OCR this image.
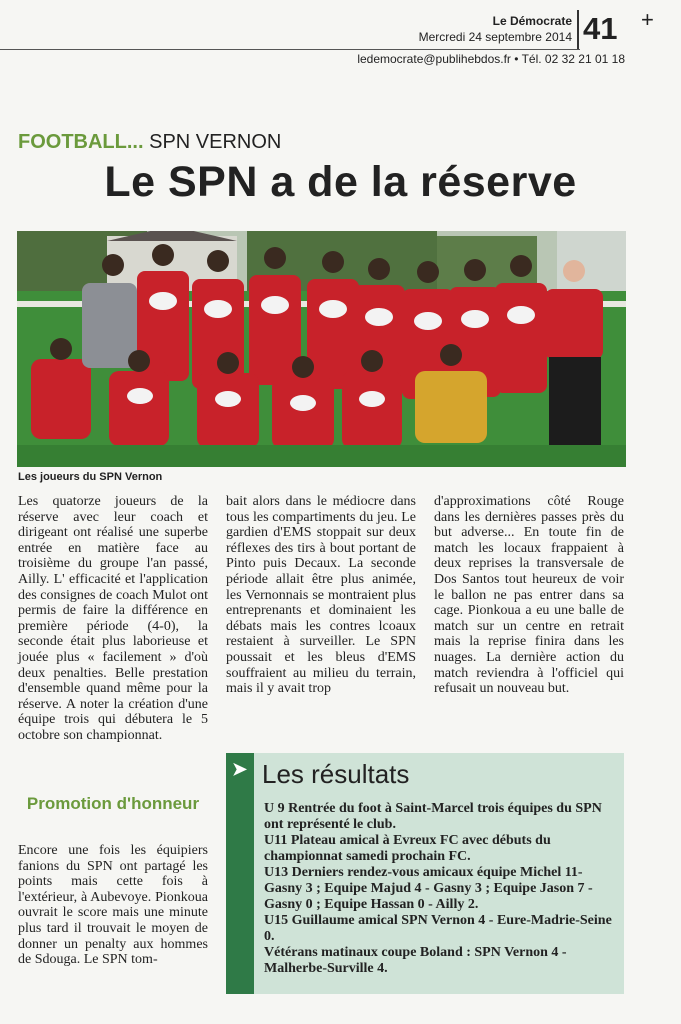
Le Démocrate
Mercredi 24 septembre 2014 41 +
ledemocrate@publihebdos.fr • Tél. 02 32 21 01 18
FOOTBALL... SPN VERNON
Le SPN a de la réserve
Les joueurs du SPN Vernon

Les quatorze joueurs de la réserve avec leur coach et dirigeant ont réalisé une superbe entrée en matière face au troisième du groupe l'an passé, Ailly. L' efficacité et l'application des consignes de coach Mulot ont permis de faire la différence en première période (4-0), la seconde était plus laborieuse et jouée plus « facilement » d'où deux penalties. Belle prestation d'ensemble quand même pour la réserve. A noter la création d'une équipe trois qui débutera le 5 octobre son championnat.

Promotion d'honneur

Encore une fois les équipiers fanions du SPN ont partagé les points mais cette fois à l'extérieur, à Aubevoye. Pionkoua ouvrait le score mais une minute plus tard il trouvait le moyen de donner un penalty aux hommes de Sdouga. Le SPN tom-

bait alors dans le médiocre dans tous les compartiments du jeu. Le gardien d'EMS stoppait sur deux réflexes des tirs à bout portant de Pinto puis Decaux. La seconde période allait être plus animée, les Vernonnais se montraient plus entreprenants et dominaient les débats mais les contres lcoaux restaient à surveiller. Le SPN poussait et les bleus d'EMS souffraient au milieu du terrain, mais il y avait trop

d'approximations côté Rouge dans les dernières passes près du but adverse... En toute fin de match les locaux frappaient à deux reprises la transversale de Dos Santos tout heureux de voir le ballon ne pas entrer dans sa cage. Pionkoua a eu une balle de match sur un centre en retrait mais la reprise finira dans les nuages. La dernière action du match reviendra à l'officiel qui refusait un nouveau but.

➤ Les résultats
U 9 Rentrée du foot à Saint-Marcel trois équipes du SPN ont représenté le club.
U11 Plateau amical à Evreux FC avec débuts du championnat samedi prochain FC.
U13 Derniers rendez-vous amicaux équipe Michel 11- Gasny 3 ; Equipe Majud 4 - Gasny 3 ; Equipe Jason 7 - Gasny 0 ; Equipe Hassan 0 - Ailly 2.
U15 Guillaume amical SPN Vernon 4 - Eure-Madrie-Seine 0.
Vétérans matinaux coupe Boland : SPN Vernon 4 - Malherbe-Surville 4.
